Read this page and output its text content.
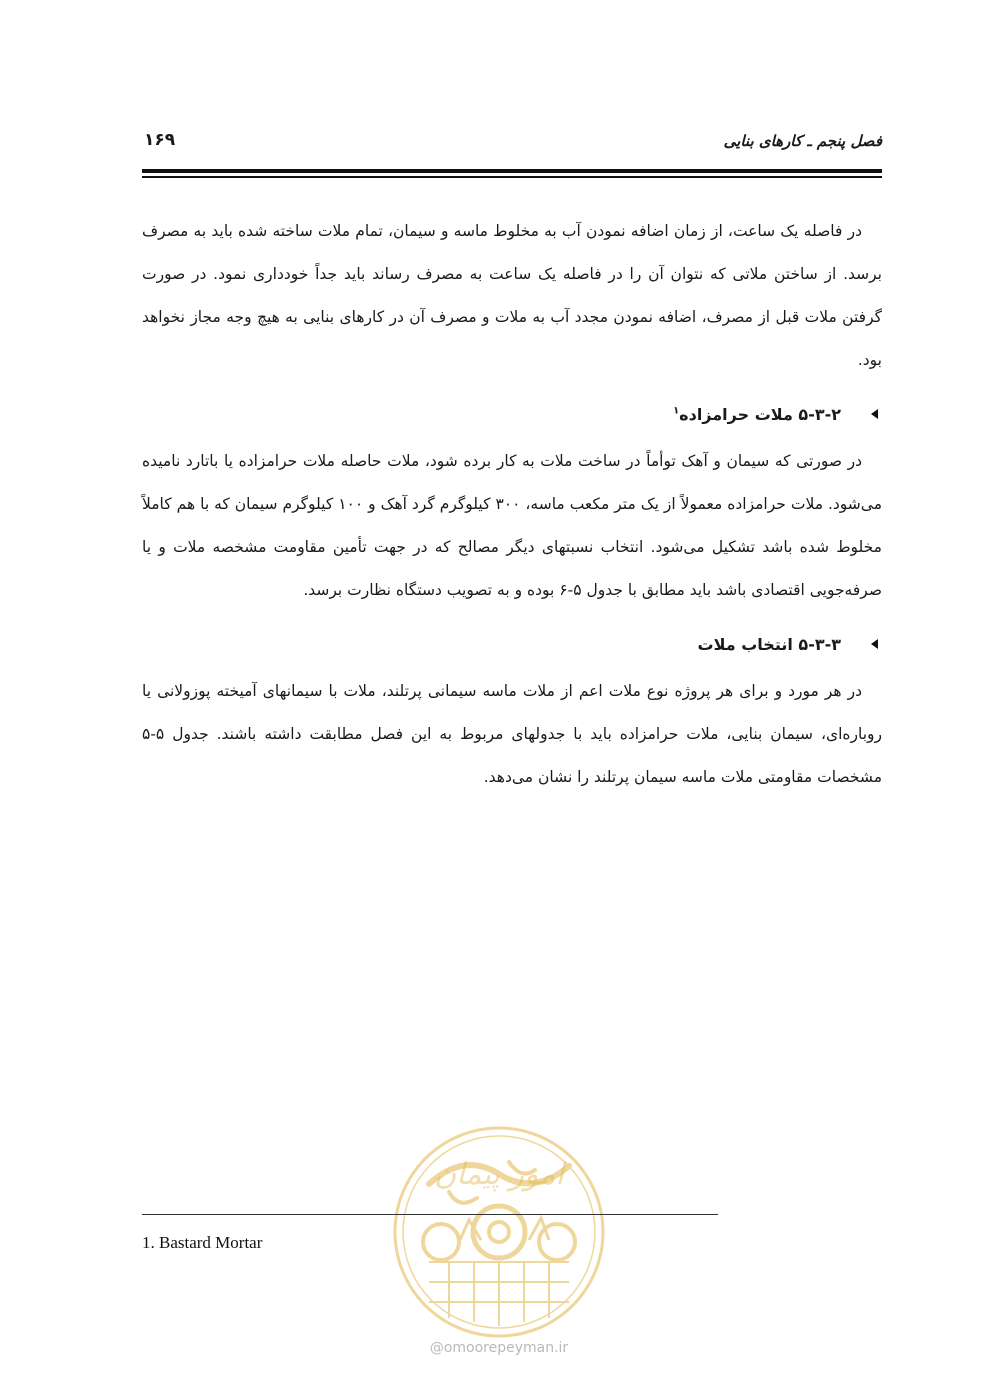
فصل پنجم ـ کارهای بنایی
۱۶۹

در فاصله یک ساعت، از زمان اضافه نمودن آب به مخلوط ماسه و سیمان، تمام ملات ساخته شده باید به مصرف برسد. از ساختن ملاتی که نتوان آن را در فاصله یک ساعت به مصرف رساند باید جداً خودداری نمود. در صورت گرفتن ملات قبل از مصرف، اضافه نمودن مجدد آب به ملات و مصرف آن در کارهای بنایی به هیچ وجه مجاز نخواهد بود.

۵-۳-۲ ملات حرامزاده$^۱$

در صورتی که سیمان و آهک توأماً در ساخت ملات به کار برده شود، ملات حاصله ملات حرامزاده یا باتارد نامیده می‌شود. ملات حرامزاده معمولاً از یک متر مکعب ماسه، ۳۰۰ کیلوگرم گرد آهک و ۱۰۰ کیلوگرم سیمان که با هم کاملاً مخلوط شده باشد تشکیل می‌شود. انتخاب نسبتهای دیگر مصالح که در جهت تأمین مقاومت مشخصه ملات و یا صرفه‌جویی اقتصادی باشد باید مطابق با جدول ۵-۶ بوده و به تصویب دستگاه نظارت برسد.

۵-۳-۳ انتخاب ملات

در هر مورد و برای هر پروژه نوع ملات اعم از ملات ماسه سیمانی پرتلند، ملات با سیمانهای آمیخته پوزولانی یا روباره‌ای، سیمان بنایی، ملات حرامزاده باید با جدولهای مربوط به این فصل مطابقت داشته باشند. جدول ۵-۵ مشخصات مقاومتی ملات ماسه سیمان پرتلند را نشان می‌دهد.

امور پیمان
@omoorepeyman.ir
1. Bastard Mortar
